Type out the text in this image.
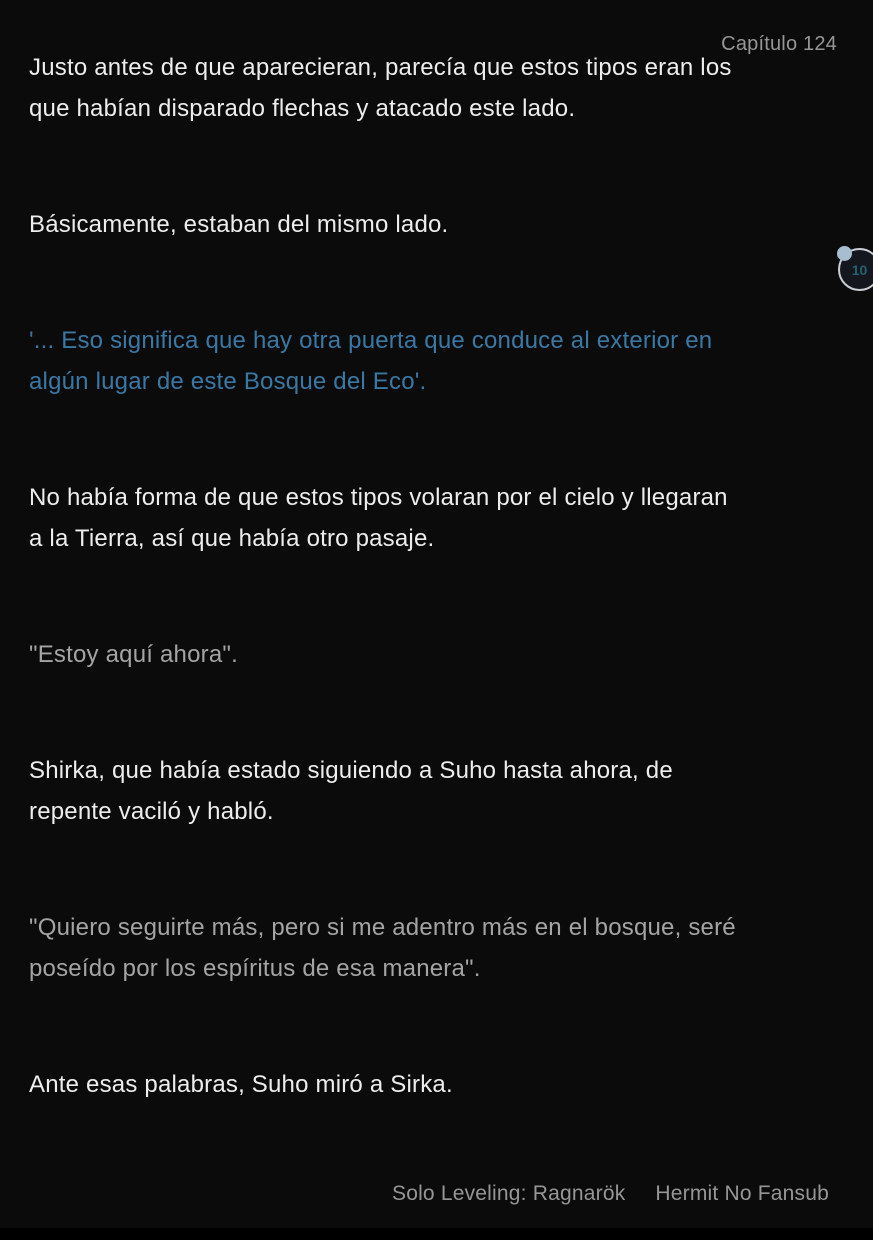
Capítulo 124

Justo antes de que aparecieran, parecía que estos tipos eran los
que habían disparado flechas y atacado este lado.

Básicamente, estaban del mismo lado.

'... Eso significa que hay otra puerta que conduce al exterior en
algún lugar de este Bosque del Eco'.

No había forma de que estos tipos volaran por el cielo y llegaran
a la Tierra, así que había otro pasaje.

"Estoy aquí ahora".

Shirka, que había estado siguiendo a Suho hasta ahora, de
repente vaciló y habló.

"Quiero seguirte más, pero si me adentro más en el bosque, seré
poseído por los espíritus de esa manera".

Ante esas palabras, Suho miró a Sirka.

10
Solo Leveling: Ragnarök Hermit No Fansub
